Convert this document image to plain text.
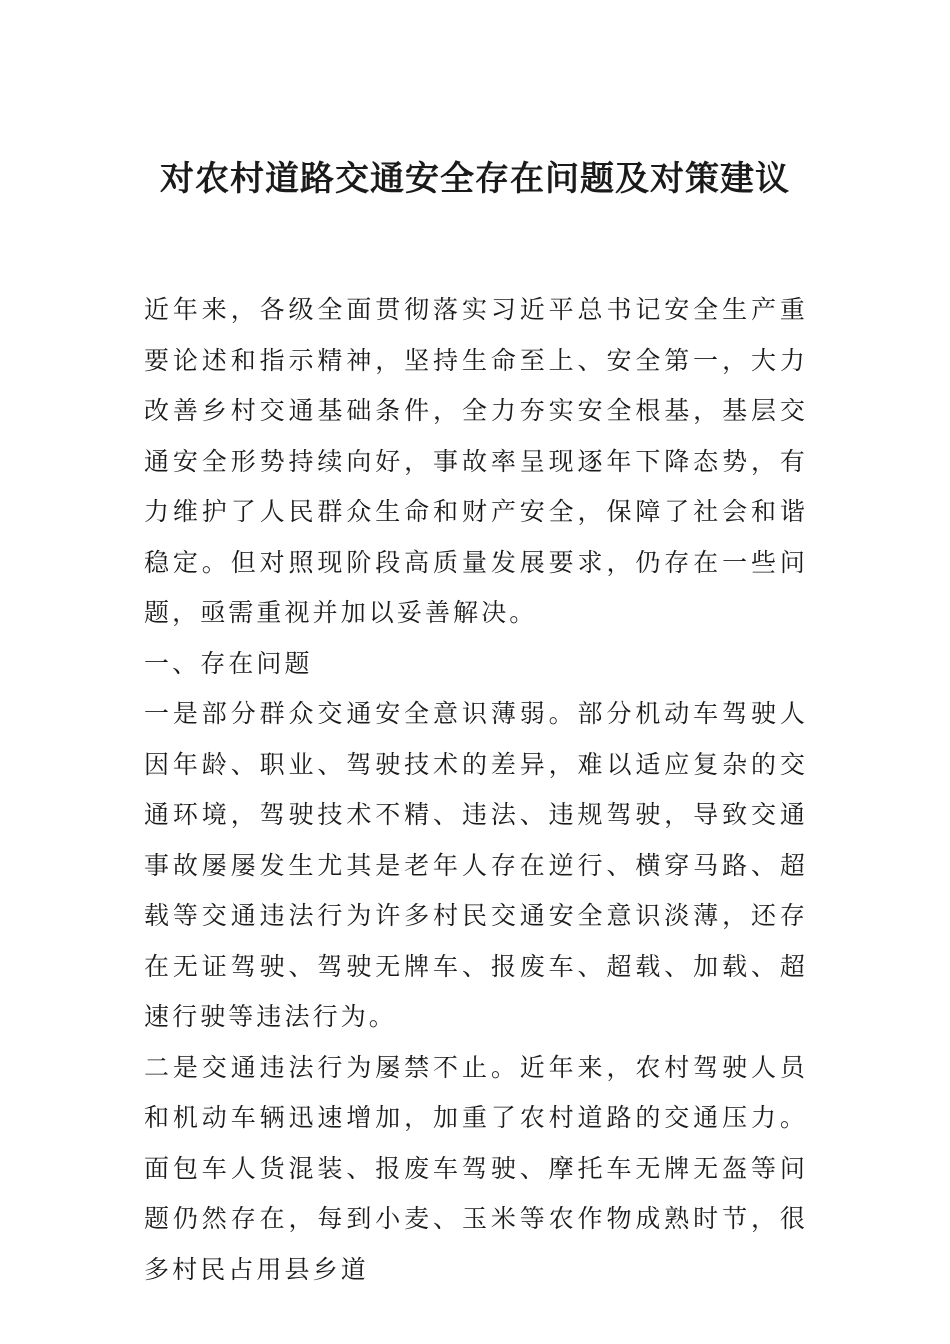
对农村道路交通安全存在问题及对策建议

近年来，各级全面贯彻落实习近平总书记安全生产重要论述和指示精神，坚持生命至上、安全第一，大力改善乡村交通基础条件，全力夯实安全根基，基层交通安全形势持续向好，事故率呈现逐年下降态势，有力维护了人民群众生命和财产安全，保障了社会和谐稳定。但对照现阶段高质量发展要求，仍存在一些问题，亟需重视并加以妥善解决。

一、存在问题

一是部分群众交通安全意识薄弱。部分机动车驾驶人因年龄、职业、驾驶技术的差异，难以适应复杂的交通环境，驾驶技术不精、违法、违规驾驶，导致交通事故屡屡发生尤其是老年人存在逆行、横穿马路、超载等交通违法行为许多村民交通安全意识淡薄，还存在无证驾驶、驾驶无牌车、报废车、超载、加载、超速行驶等违法行为。

二是交通违法行为屡禁不止。近年来，农村驾驶人员和机动车辆迅速增加，加重了农村道路的交通压力。面包车人货混装、报废车驾驶、摩托车无牌无盔等问题仍然存在，每到小麦、玉米等农作物成熟时节，很多村民占用县乡道
